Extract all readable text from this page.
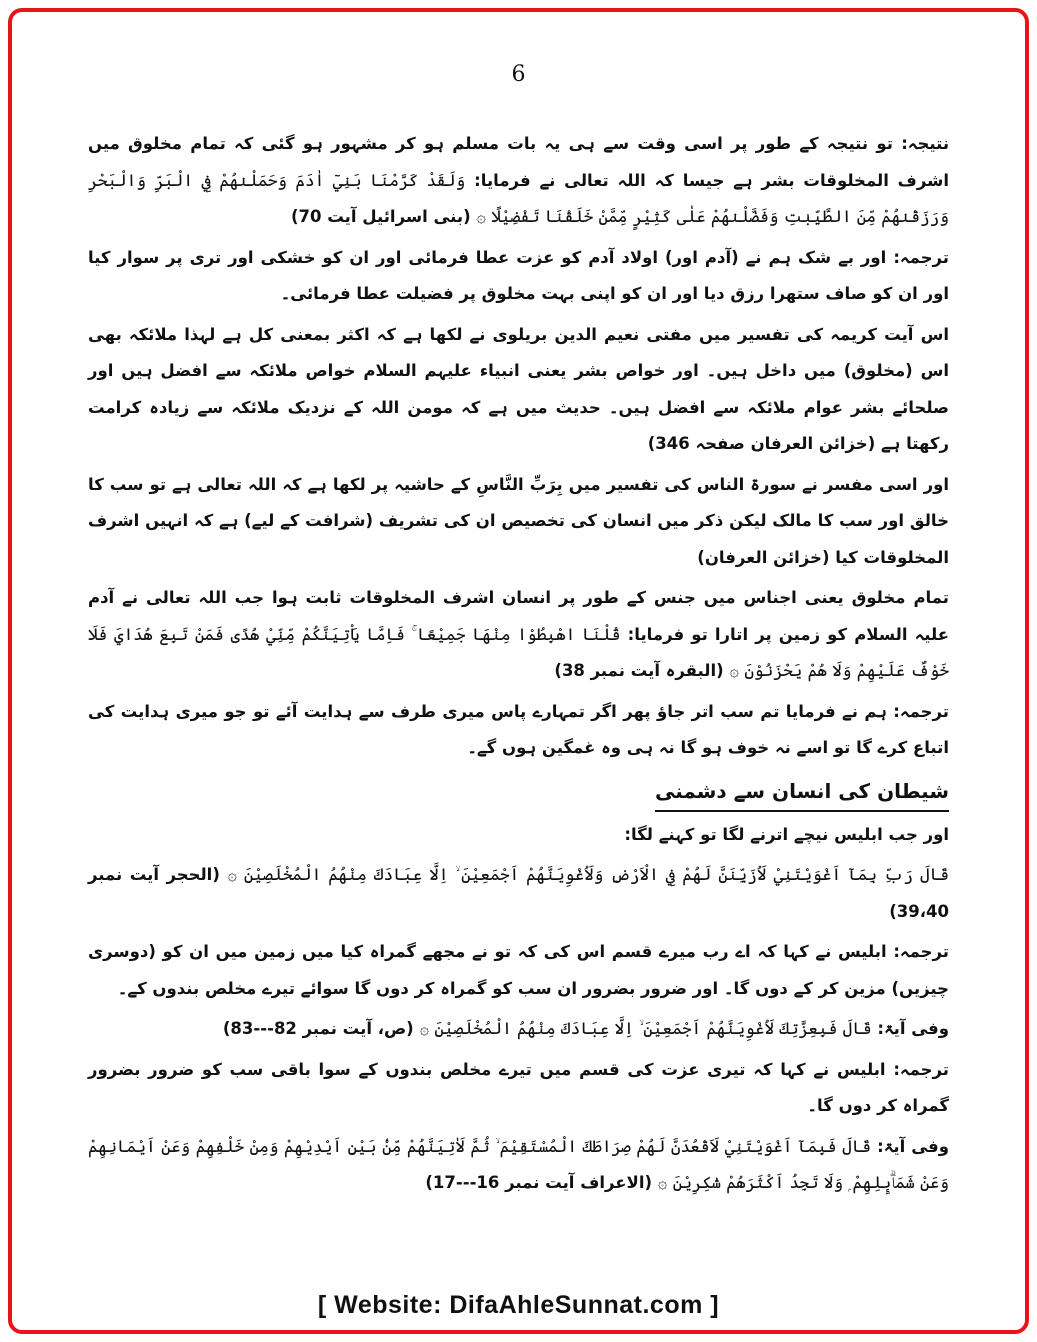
6

نتیجہ: تو نتیجہ کے طور پر اسی وقت سے ہی یہ بات مسلم ہو کر مشہور ہو گئی کہ تمام مخلوق میں اشرف المخلوقات بشر ہے جیسا کہ اللہ تعالی نے فرمایا: وَلَقَدْ كَرَّمْنَا بَنِيٓ اٰدَمَ وَحَمَلْنٰهُمْ فِي الْبَرِّ وَالْبَحْرِ وَرَزَقْنٰهُمْ مِّنَ الطَّيِّبٰتِ وَفَضَّلْنٰهُمْ عَلٰى كَثِيْرٍ مِّمَّنْ خَلَقْنَا تَفْضِيْلًا ۞ (بنی اسرائیل آیت 70)

ترجمہ: اور بے شک ہم نے (آدم اور) اولاد آدم کو عزت عطا فرمائی اور ان کو خشکی اور تری پر سوار کیا اور ان کو صاف ستھرا رزق دیا اور ان کو اپنی بہت مخلوق پر فضیلت عطا فرمائی۔

اس آیت کریمہ کی تفسیر میں مفتی نعیم الدین بریلوی نے لکھا ہے کہ اکثر بمعنی کل ہے لہذا ملائکہ بھی اس (مخلوق) میں داخل ہیں۔ اور خواص بشر یعنی انبیاء علیہم السلام خواص ملائکہ سے افضل ہیں اور صلحائے بشر عوام ملائکہ سے افضل ہیں۔ حدیث میں ہے کہ مومن اللہ کے نزدیک ملائکہ سے زیادہ کرامت رکھتا ہے (خزائن العرفان صفحہ 346)

اور اسی مفسر نے سورۃ الناس کی تفسیر میں بِرَبِّ النَّاسِ کے حاشیہ پر لکھا ہے کہ اللہ تعالی ہے تو سب کا خالق اور سب کا مالک لیکن ذکر میں انسان کی تخصیص ان کی تشریف (شرافت کے لیے) ہے کہ انہیں اشرف المخلوقات کیا (خزائن العرفان)

تمام مخلوق یعنی اجناس میں جنس کے طور پر انسان اشرف المخلوقات ثابت ہوا جب اللہ تعالی نے آدم علیہ السلام کو زمین پر اتارا تو فرمایا: قُلْنَا اهْبِطُوْا مِنْهَا جَمِيْعًا ۚ فَاِمَّا يَاْتِيَنَّكُمْ مِّنِّيْ هُدًى فَمَنْ تَبِعَ هُدَايَ فَلَا خَوْفٌ عَلَيْهِمْ وَلَا هُمْ يَحْزَنُوْنَ ۞ (البقرہ آیت نمبر 38)

ترجمہ: ہم نے فرمایا تم سب اتر جاؤ پھر اگر تمہارے پاس میری طرف سے ہدایت آئے تو جو میری ہدایت کی اتباع کرے گا تو اسے نہ خوف ہو گا نہ ہی وہ غمگین ہوں گے۔

شیطان کی انسان سے دشمنی

اور جب ابلیس نیچے اترنے لگا تو کہنے لگا:

قَالَ رَبِّ بِمَآ اَغْوَيْتَنِيْ لَاُزَيِّنَنَّ لَهُمْ فِي الْاَرْضِ وَلَاُغْوِيَنَّهُمْ اَجْمَعِيْنَ ۙ اِلَّا عِبَادَكَ مِنْهُمُ الْمُخْلَصِيْنَ ۞ (الحجر آیت نمبر 39،40)

ترجمہ: ابلیس نے کہا کہ اے رب میرے قسم اس کی کہ تو نے مجھے گمراہ کیا میں زمین میں ان کو (دوسری چیزیں) مزین کر کے دوں گا۔ اور ضرور بضرور ان سب کو گمراہ کر دوں گا سوائے تیرے مخلص بندوں کے۔

وفی آیۃ: قَالَ فَبِعِزَّتِكَ لَاُغْوِيَنَّهُمْ اَجْمَعِيْنَ ۙ اِلَّا عِبَادَكَ مِنْهُمُ الْمُخْلَصِيْنَ ۞ (ص، آیت نمبر 82---83)

ترجمہ: ابلیس نے کہا کہ تیری عزت کی قسم میں تیرے مخلص بندوں کے سوا باقی سب کو ضرور بضرور گمراہ کر دوں گا۔

وفی آیۃ: قَالَ فَبِمَآ اَغْوَيْتَنِيْ لَاَقْعُدَنَّ لَهُمْ صِرَاطَكَ الْمُسْتَقِيْمَ ۙ ثُمَّ لَاٰتِيَنَّهُمْ مِّنْۢ بَيْنِ اَيْدِيْهِمْ وَمِنْ خَلْفِهِمْ وَعَنْ اَيْمَانِهِمْ وَعَنْ شَمَاۗىِٕلِهِمْ ۭ وَلَا تَجِدُ اَكْثَرَهُمْ شٰكِرِيْنَ ۞ (الاعراف آیت نمبر 16---17)

[ Website: DifaAhleSunnat.com ]
